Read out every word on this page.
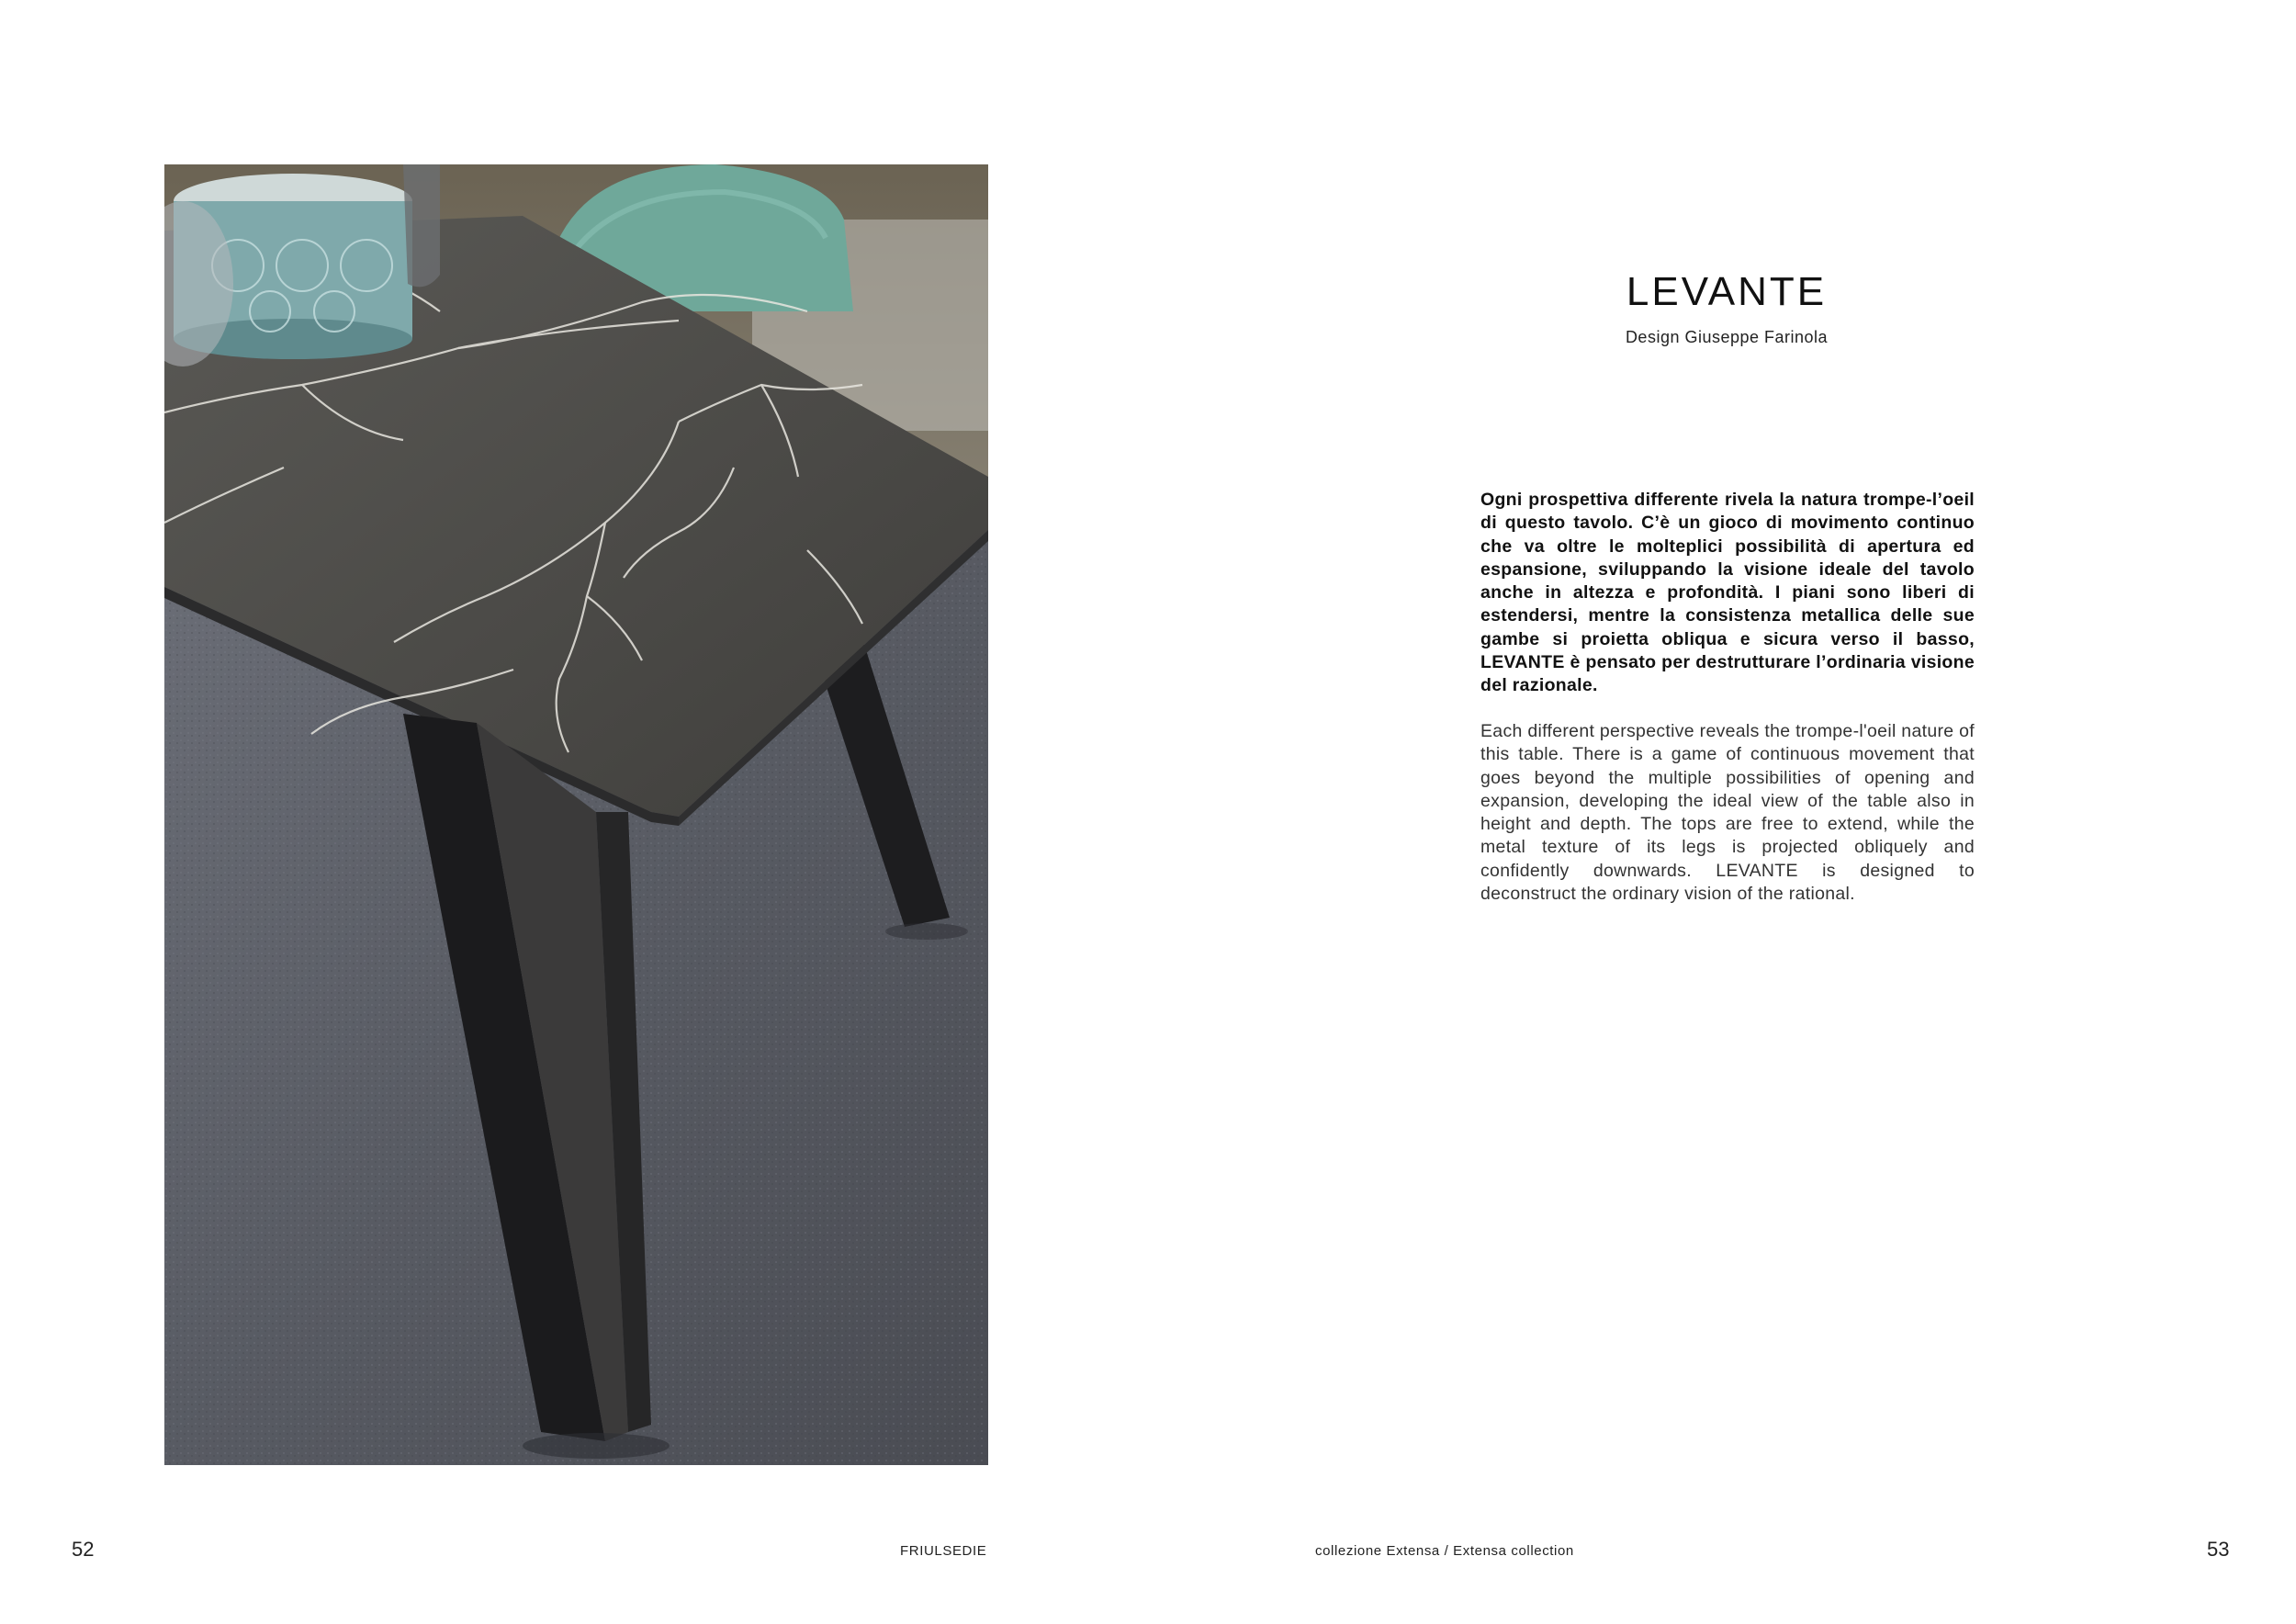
LEVANTE
Design Giuseppe Farinola
Ogni prospettiva differente rivela la natura trompe-l’oeil di questo tavolo. C’è un gioco di movimento continuo che va oltre le molteplici possibilità di apertura ed espansione, sviluppando la visione ideale del tavolo anche in altezza e profondità. I piani sono liberi di estendersi, mentre la consistenza metallica delle sue gambe si proietta obliqua e sicura verso il basso, LEVANTE è pensato per destrutturare l’ordinaria visione del razionale.
Each different perspective reveals the trompe-l'oeil nature of this table. There is a game of continuous movement that goes beyond the multiple possibilities of opening and expansion, developing the ideal view of the table also in height and depth. The tops are free to extend, while the metal texture of its legs is projected obliquely and confidently downwards. LEVANTE is designed to deconstruct the ordinary vision of the rational.
52	FRIULSEDIE	collezione Extensa / Extensa collection	53
